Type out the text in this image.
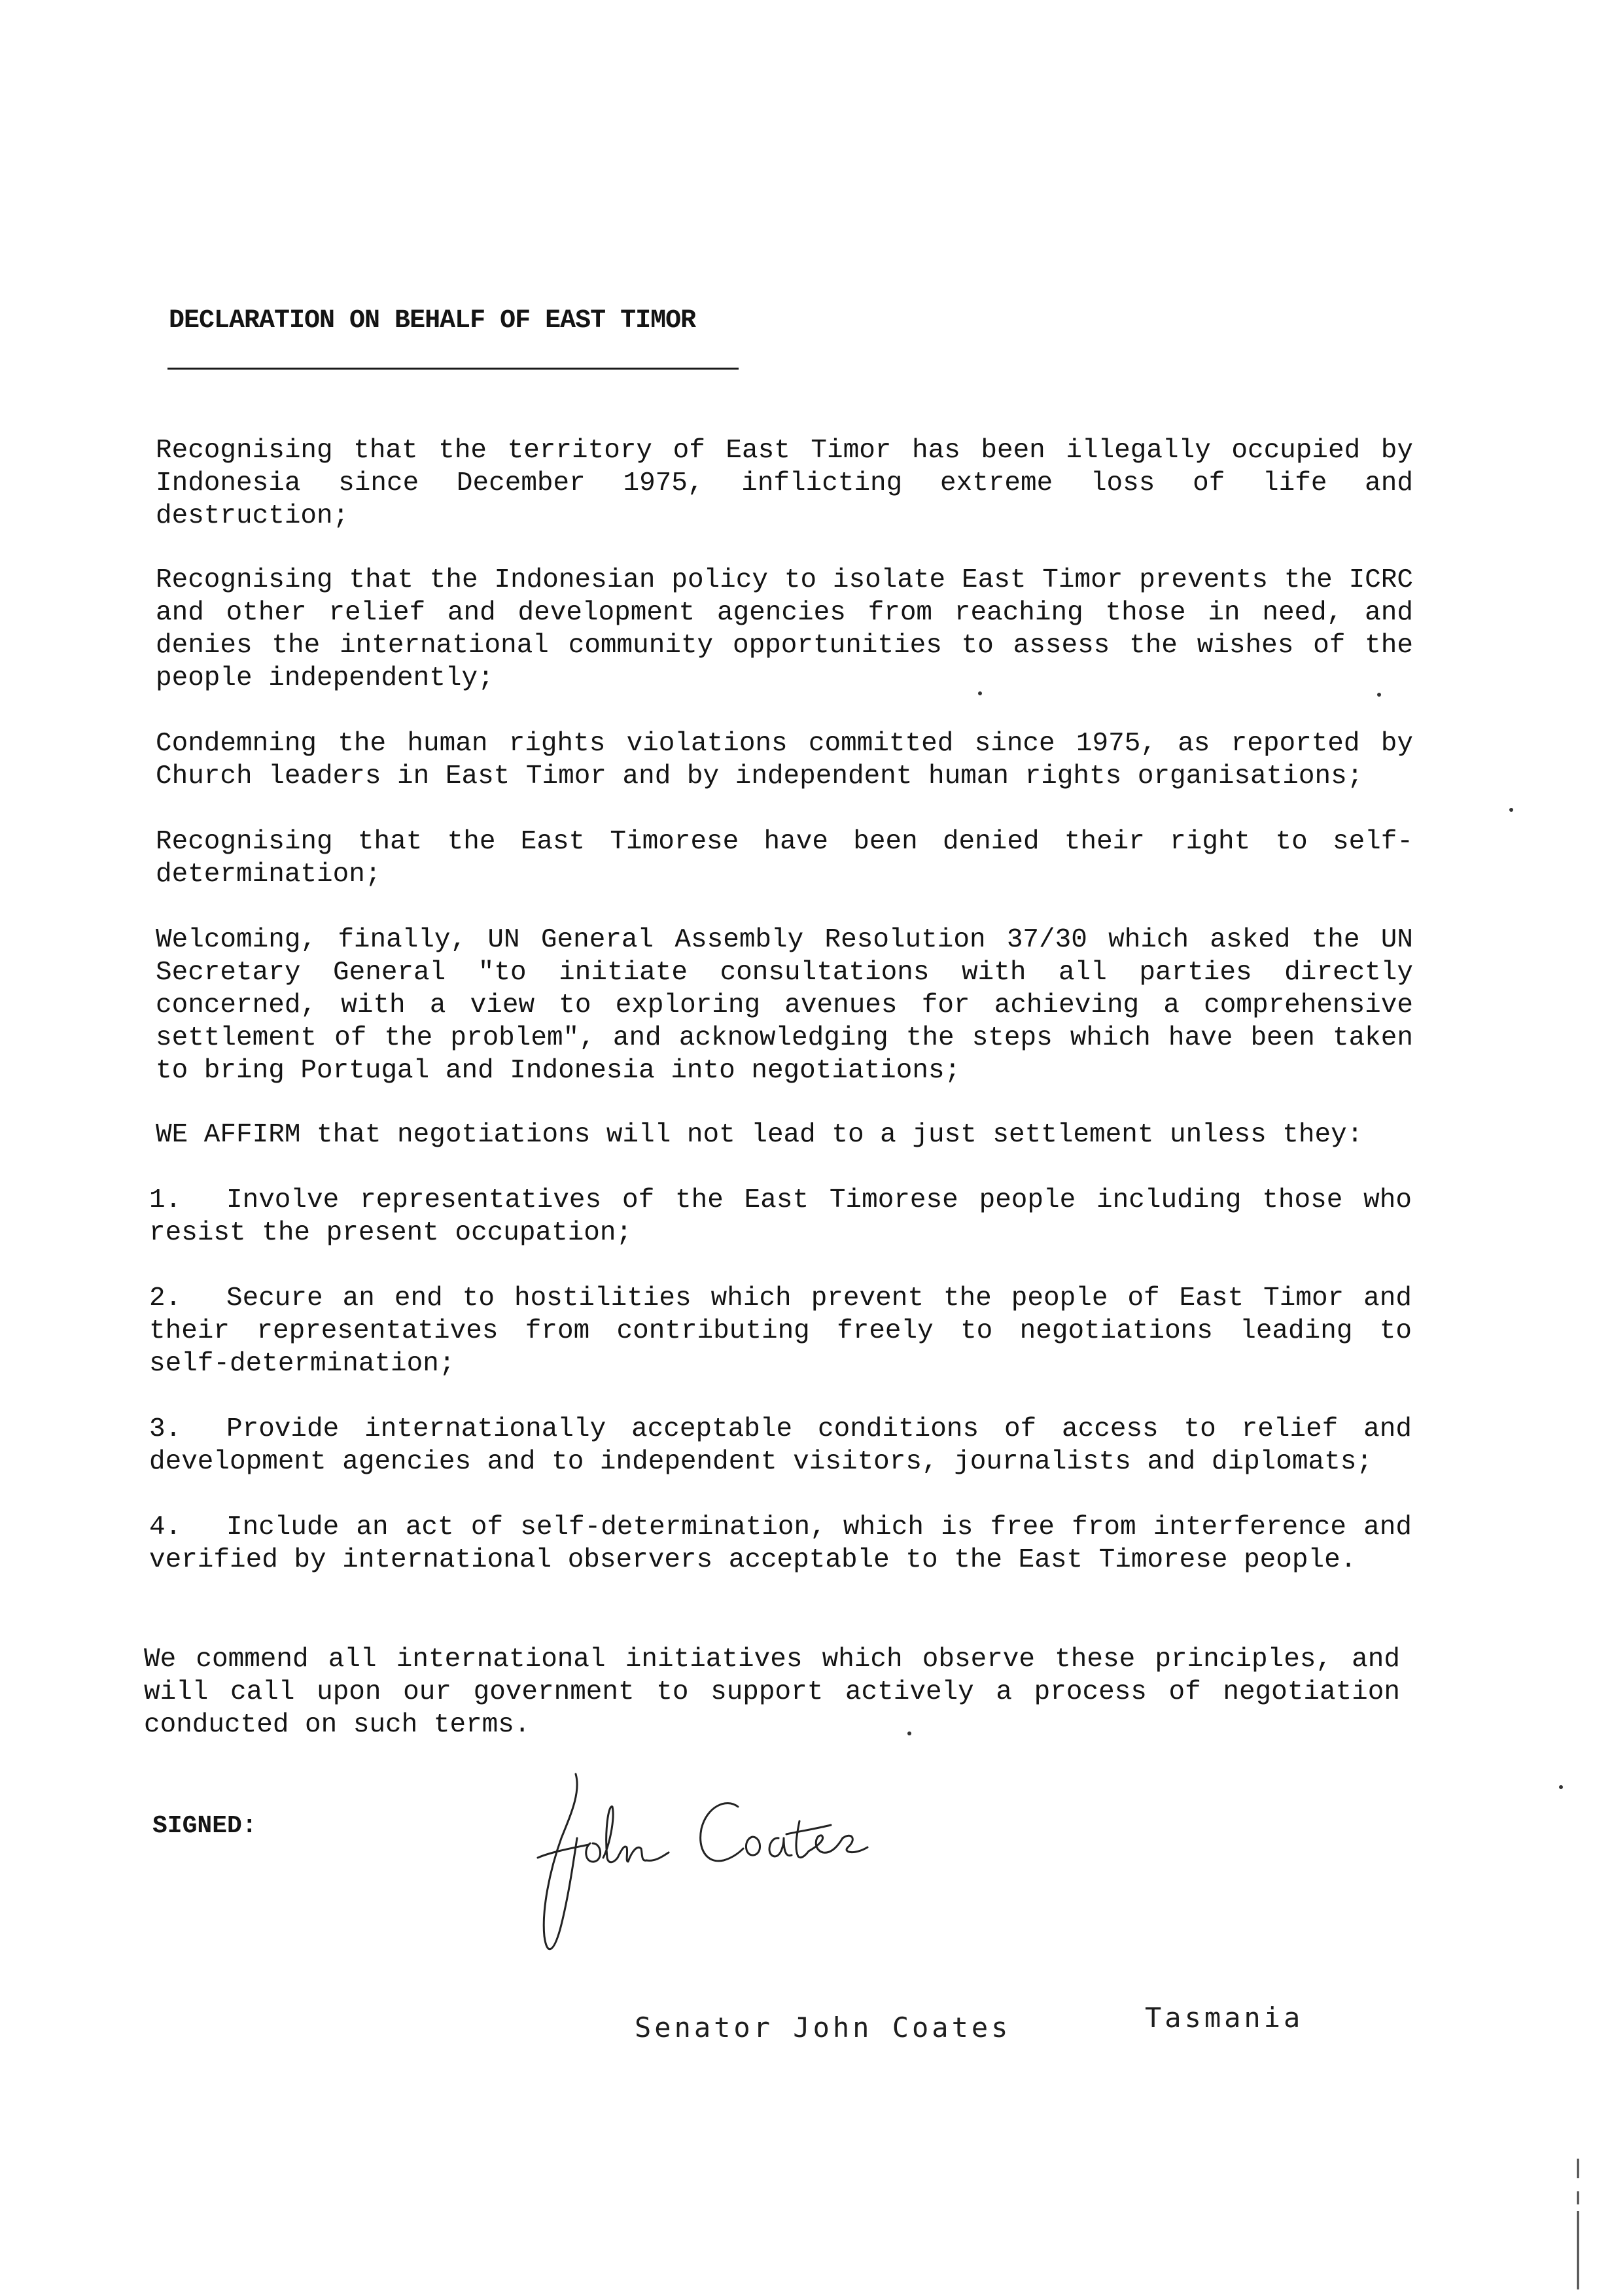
DECLARATION ON BEHALF OF EAST TIMOR
Recognising that the territory of East Timor has been illegally occupied by Indonesia since December 1975, inflicting extreme loss of life and destruction;
Recognising that the Indonesian policy to isolate East Timor prevents the ICRC and other relief and development agencies from reaching those in need, and denies the international community opportunities to assess the wishes of the people independently;
Condemning the human rights violations committed since 1975, as reported by Church leaders in East Timor and by independent human rights organisations;
Recognising that the East Timorese have been denied their right to self-determination;
Welcoming, finally, UN General Assembly Resolution 37/30 which asked the UN Secretary General "to initiate consultations with all parties directly concerned, with a view to exploring avenues for achieving a comprehensive settlement of the problem", and acknowledging the steps which have been taken to bring Portugal and Indonesia into negotiations;
WE AFFIRM that negotiations will not lead to a just settlement unless they:
1. Involve representatives of the East Timorese people including those who resist the present occupation;
2. Secure an end to hostilities which prevent the people of East Timor and their representatives from contributing freely to negotiations leading to self-determination;
3. Provide internationally acceptable conditions of access to relief and development agencies and to independent visitors, journalists and diplomats;
4. Include an act of self-determination, which is free from interference and verified by international observers acceptable to the East Timorese people.
We commend all international initiatives which observe these principles, and will call upon our government to support actively a process of negotiation conducted on such terms.
SIGNED:
Senator John Coates	Tasmania
